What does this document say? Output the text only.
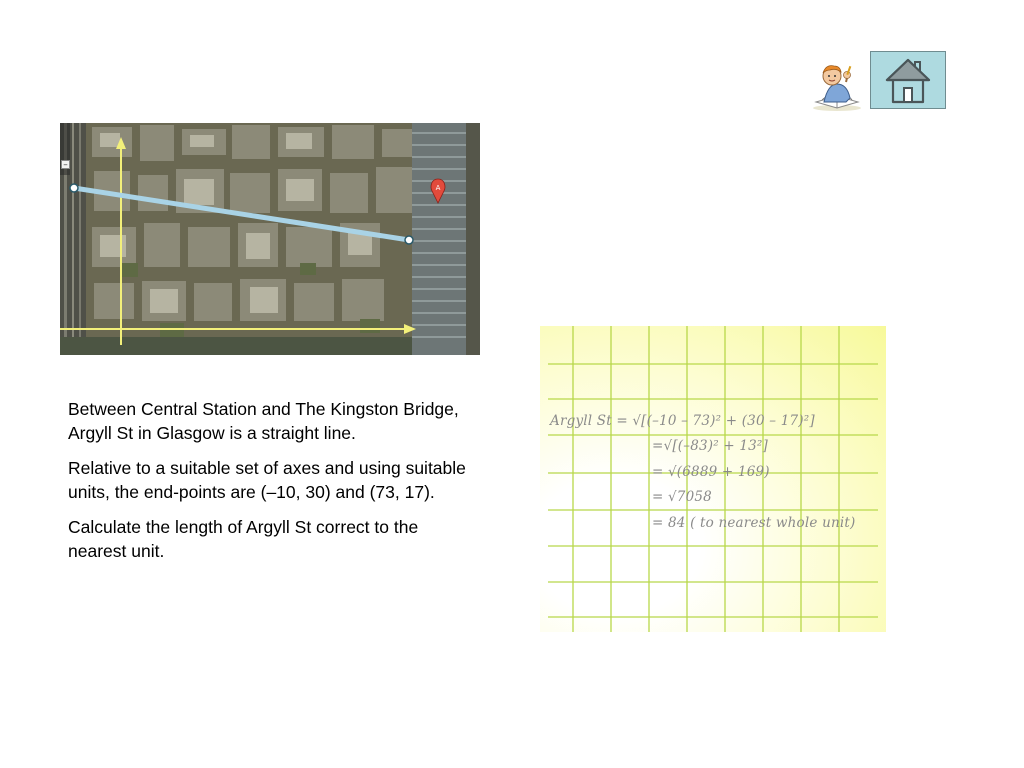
A
–

Between Central Station and The Kingston Bridge, Argyll St in Glasgow is a straight line.

Relative to a suitable set of axes and using suitable units, the end-points are (–10, 30) and (73, 17).

Calculate the length of Argyll St correct to the nearest unit.

Argyll St = √[(–10 – 73)² + (30 – 17)²]
=√[(–83)² + 13²]
= √(6889 + 169)
= √7058
= 84 ( to nearest whole unit)
